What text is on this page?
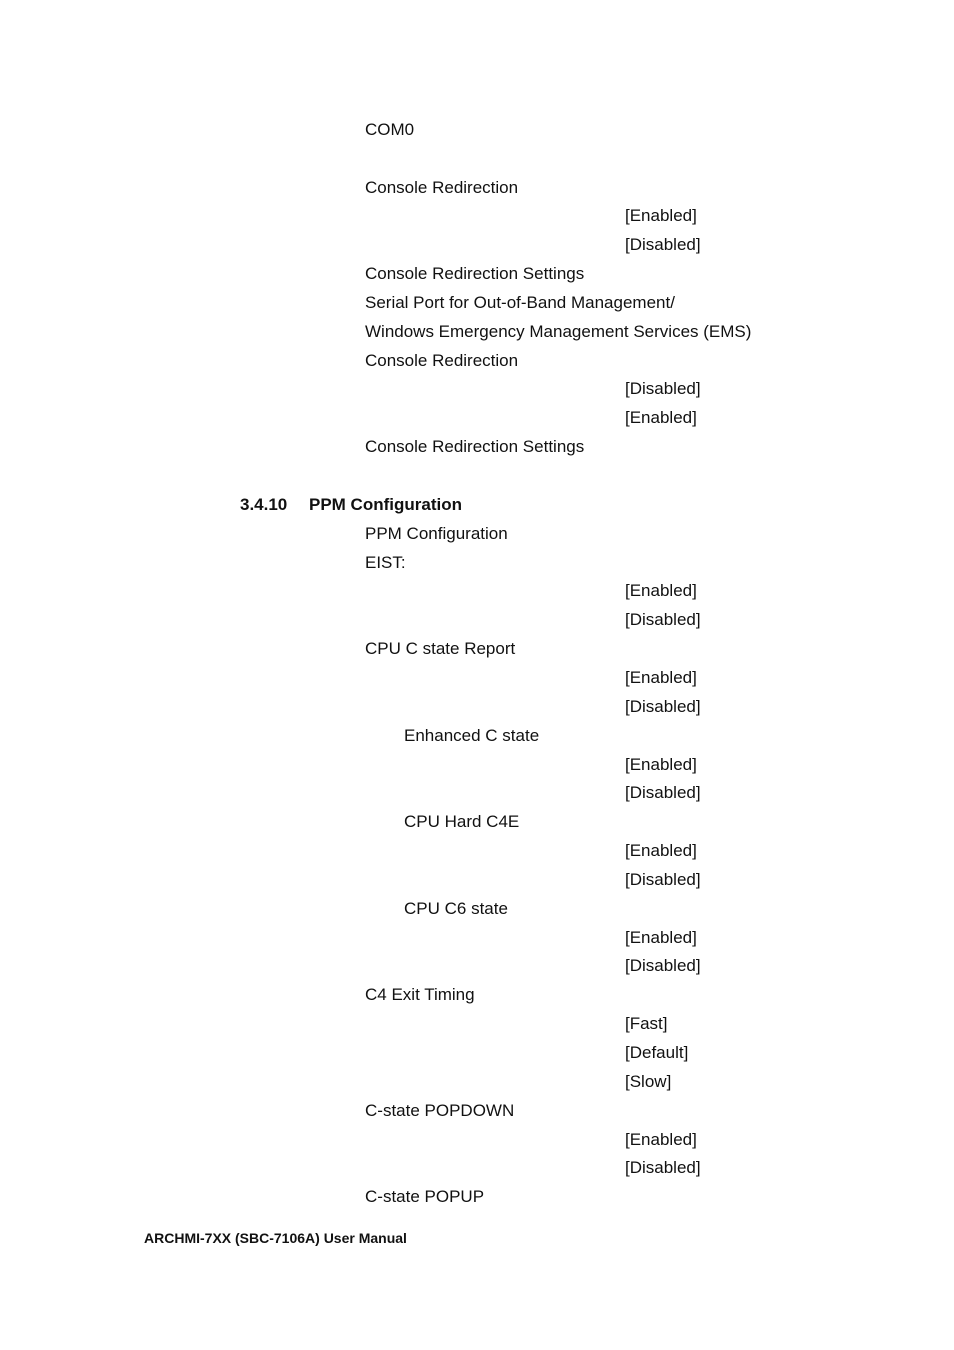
COM0
Console Redirection
[Enabled]
[Disabled]
Console Redirection Settings
Serial Port for Out-of-Band Management/
Windows Emergency Management Services (EMS)
Console Redirection
[Disabled]
[Enabled]
Console Redirection Settings
3.4.10 PPM Configuration
PPM Configuration
EIST:
[Enabled]
[Disabled]
CPU C state Report
[Enabled]
[Disabled]
Enhanced C state
[Enabled]
[Disabled]
CPU Hard C4E
[Enabled]
[Disabled]
CPU C6 state
[Enabled]
[Disabled]
C4 Exit Timing
[Fast]
[Default]
[Slow]
C-state POPDOWN
[Enabled]
[Disabled]
C-state POPUP
ARCHMI-7XX (SBC-7106A) User Manual
